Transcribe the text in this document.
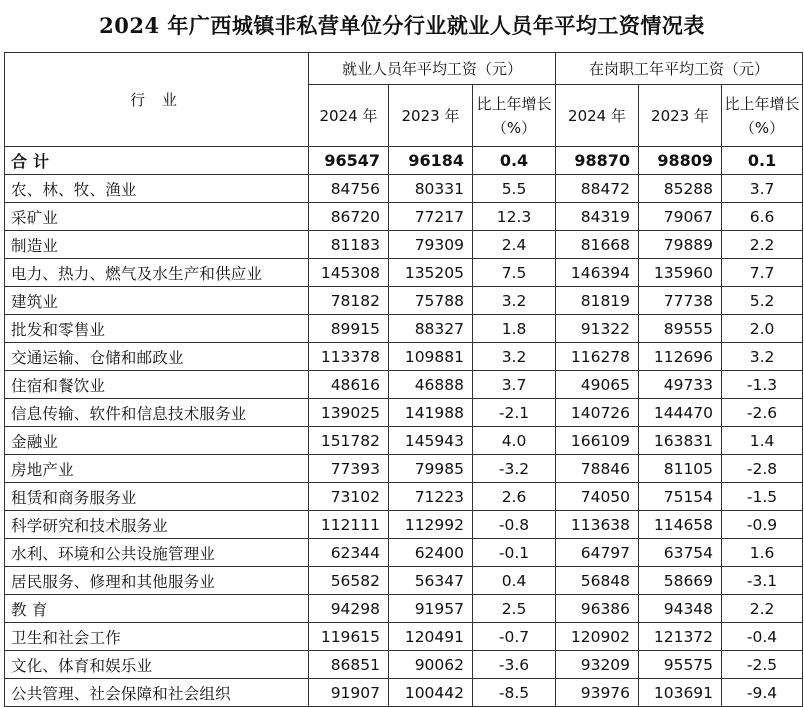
2024 年广西城镇非私营单位分行业就业人员年平均工资情况表
行 业	就业人员年平均工资（元）			在岗职工年平均工资（元）		
	2024 年	2023 年	比上年增长（%）	2024 年	2023 年	比上年增长（%）
合 计	96547	96184	0.4	98870	98809	0.1
农、林、牧、渔业	84756	80331	5.5	88472	85288	3.7
采矿业	86720	77217	12.3	84319	79067	6.6
制造业	81183	79309	2.4	81668	79889	2.2
电力、热力、燃气及水生产和供应业	145308	135205	7.5	146394	135960	7.7
建筑业	78182	75788	3.2	81819	77738	5.2
批发和零售业	89915	88327	1.8	91322	89555	2.0
交通运输、仓储和邮政业	113378	109881	3.2	116278	112696	3.2
住宿和餐饮业	48616	46888	3.7	49065	49733	-1.3
信息传输、软件和信息技术服务业	139025	141988	-2.1	140726	144470	-2.6
金融业	151782	145943	4.0	166109	163831	1.4
房地产业	77393	79985	-3.2	78846	81105	-2.8
租赁和商务服务业	73102	71223	2.6	74050	75154	-1.5
科学研究和技术服务业	112111	112992	-0.8	113638	114658	-0.9
水利、环境和公共设施管理业	62344	62400	-0.1	64797	63754	1.6
居民服务、修理和其他服务业	56582	56347	0.4	56848	58669	-3.1
教 育	94298	91957	2.5	96386	94348	2.2
卫生和社会工作	119615	120491	-0.7	120902	121372	-0.4
文化、体育和娱乐业	86851	90062	-3.6	93209	95575	-2.5
公共管理、社会保障和社会组织	91907	100442	-8.5	93976	103691	-9.4
